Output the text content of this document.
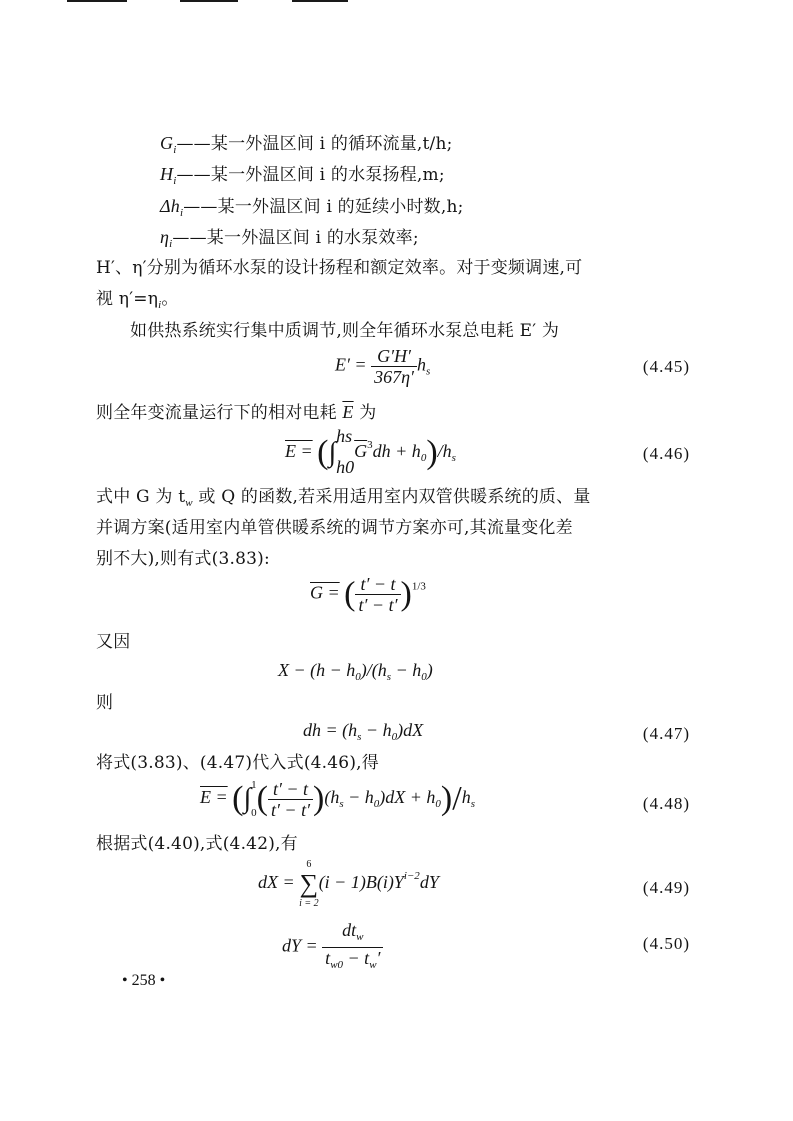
$G_i——$某一外温区间 i 的循环流量,t/h;
$H_i——$某一外温区间 i 的水泵扬程,m;
$\Delta h_i——$某一外温区间 i 的延续小时数,h;
$\eta_i——$某一外温区间 i 的水泵效率;
H′、η′分别为循环水泵的设计扬程和额定效率。对于变频调速,可
视 $\eta'=\eta_i$。
如供热系统实行集中质调节,则全年循环水泵总电耗 E′ 为
$E' = \frac{G'H'}{367\eta'} h_s$	(4.45)
则全年变流量运行下的相对电耗 $\overline{E}$ 为
E = (∫hs

$h0\overline{G}^3dh + h_0)/h_s$	(4.46)
式中 G 为 $t_w$ 或 Q 的函数,若采用适用室内双管供暖系统的质、量
并调方案(适用室内单管供暖系统的调节方案亦可,其流量变化差
别不大),则有式(3.83):
G = ( $\frac{t' - t}{t' - t'} )^{1/3}$
又因
$X - (h - h_0)/(h_s - h_0)$
则
dh = $(h_s - h_0)dX$	(4.47)
将式(3.83)、(4.47)代入式(4.46),得
E = (∫1

$0( \frac{t' - t}{t' - t'} )(h_s - h_0)dX + h_0)/h_s$	(4.48)
根据式(4.40),式(4.42),有
dX =
6
∑
i = 2
$(i - 1)B(i)Y^{i-2}dY$	(4.49)
dY = $\frac{dt_w}{t_{w0} - t_w'}$	(4.50)
• 258 •
